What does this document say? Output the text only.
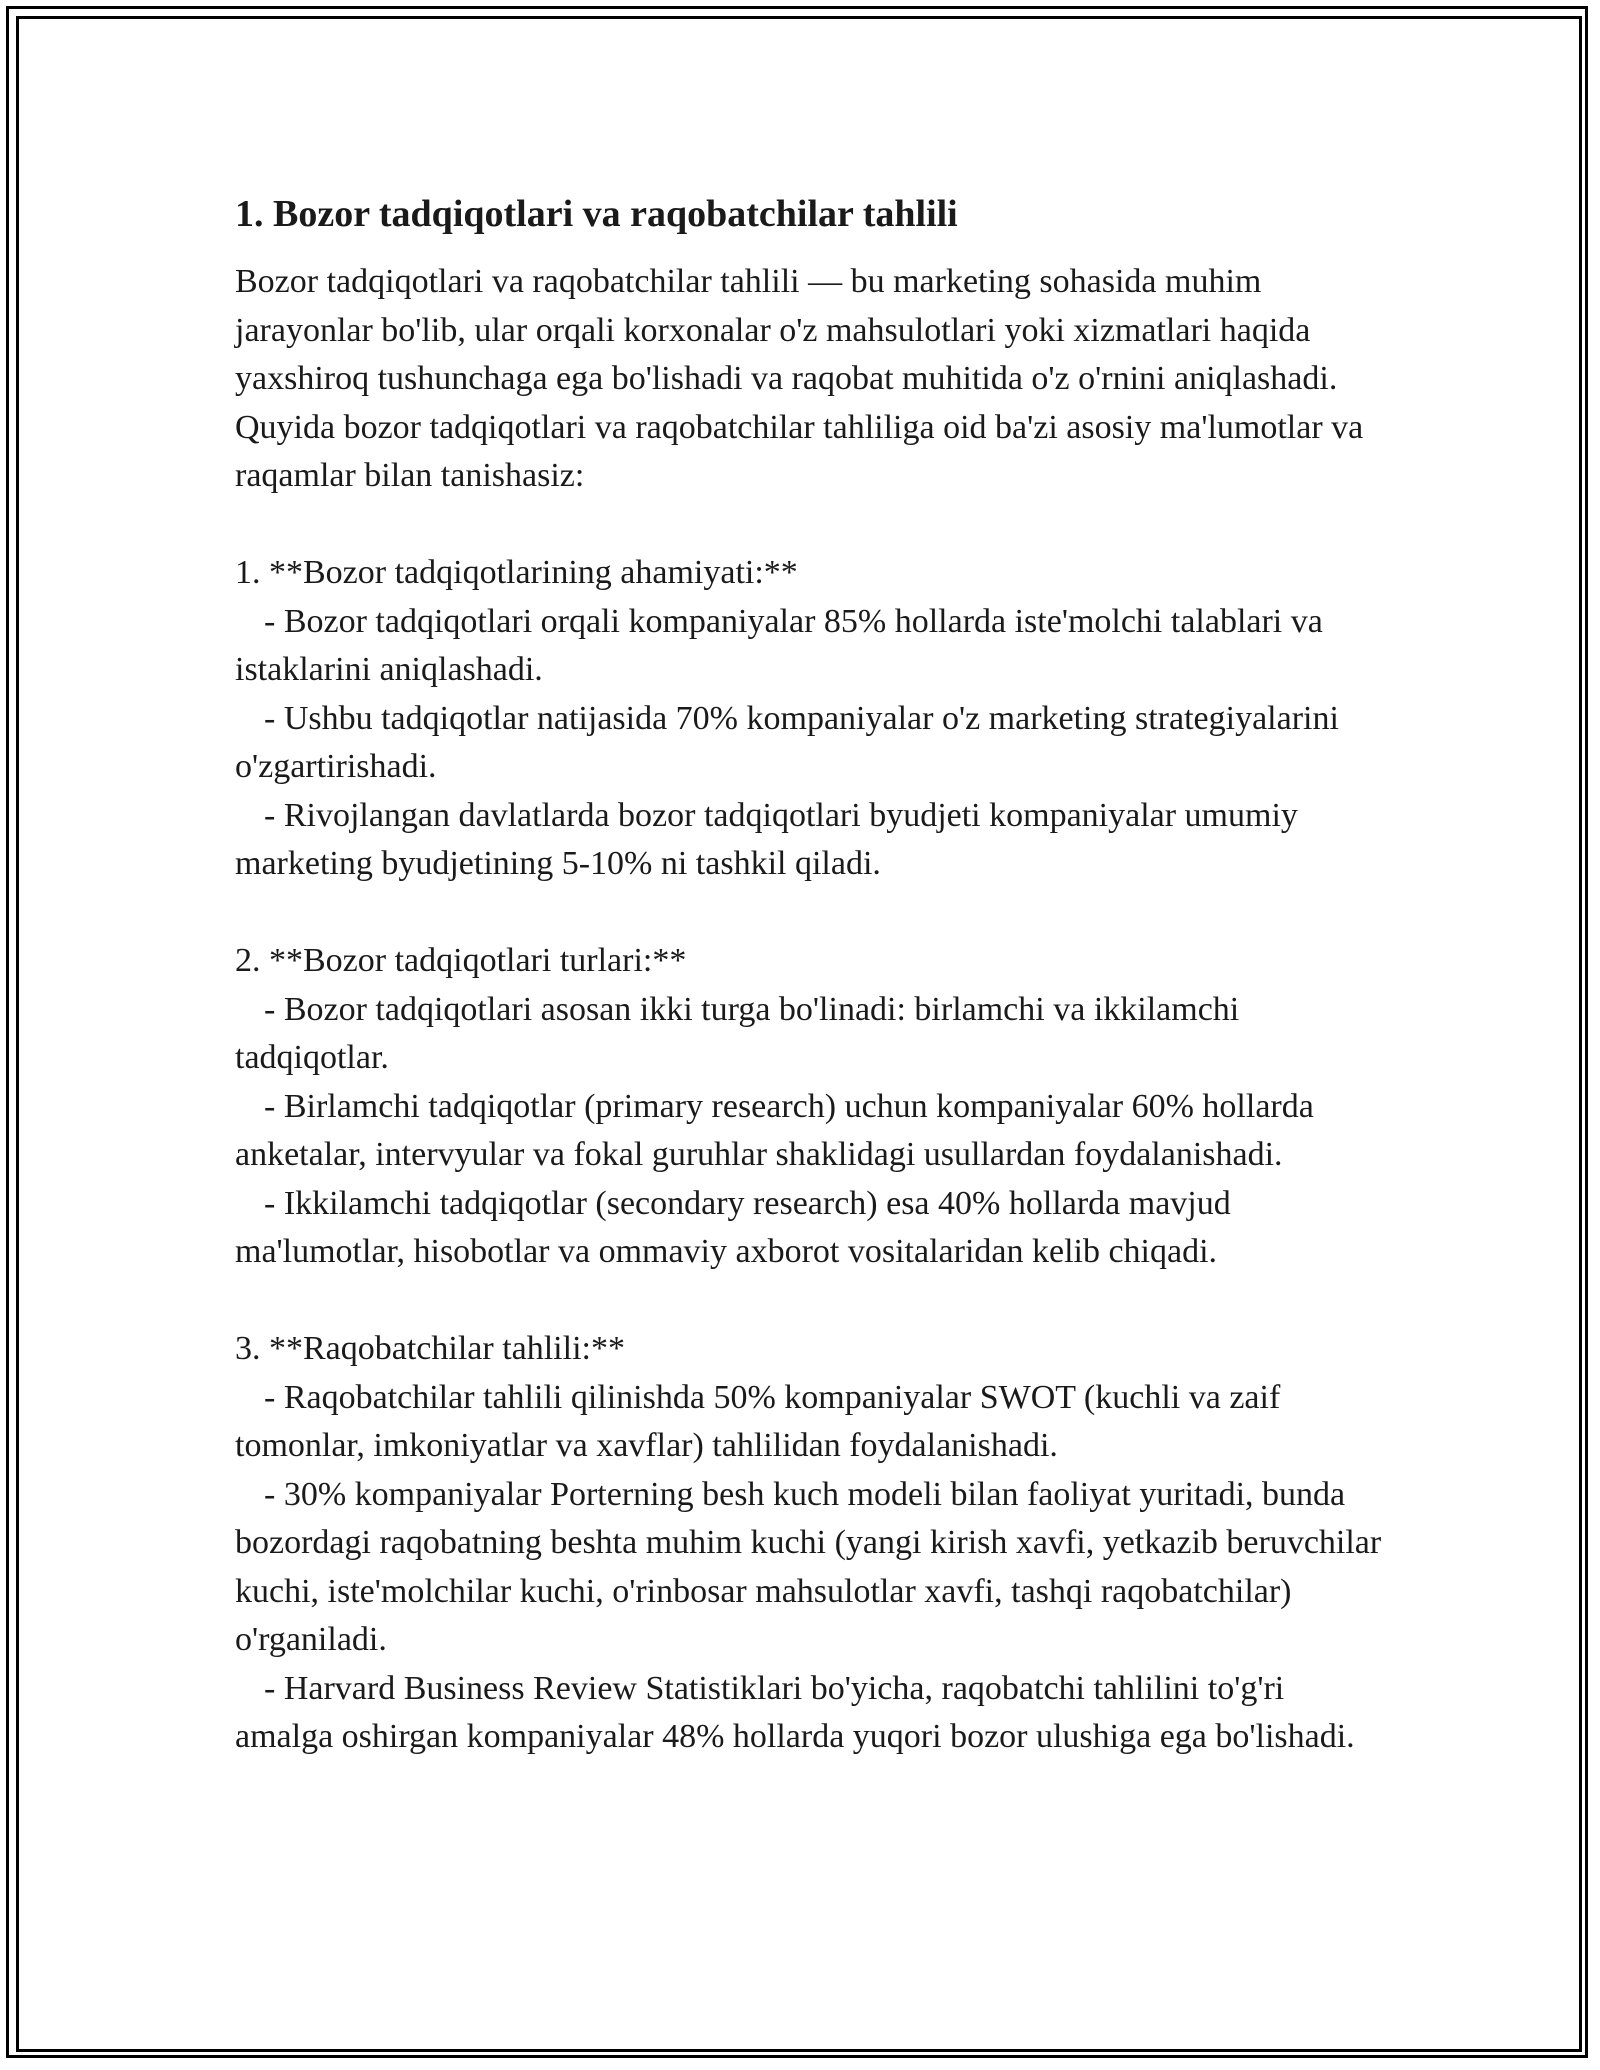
1. Bozor tadqiqotlari va raqobatchilar tahlili

Bozor tadqiqotlari va raqobatchilar tahlili — bu marketing sohasida muhim jarayonlar bo'lib, ular orqali korxonalar o'z mahsulotlari yoki xizmatlari haqida yaxshiroq tushunchaga ega bo'lishadi va raqobat muhitida o'z o'rnini aniqlashadi. Quyida bozor tadqiqotlari va raqobatchilar tahliliga oid ba'zi asosiy ma'lumotlar va raqamlar bilan tanishasiz:

1. **Bozor tadqiqotlarining ahamiyati:**

- Bozor tadqiqotlari orqali kompaniyalar 85% hollarda iste'molchi talablari va istaklarini aniqlashadi.

- Ushbu tadqiqotlar natijasida 70% kompaniyalar o'z marketing strategiyalarini o'zgartirishadi.

- Rivojlangan davlatlarda bozor tadqiqotlari byudjeti kompaniyalar umumiy marketing byudjetining 5-10% ni tashkil qiladi.

2. **Bozor tadqiqotlari turlari:**

- Bozor tadqiqotlari asosan ikki turga bo'linadi: birlamchi va ikkilamchi tadqiqotlar.

- Birlamchi tadqiqotlar (primary research) uchun kompaniyalar 60% hollarda anketalar, intervyular va fokal guruhlar shaklidagi usullardan foydalanishadi.

- Ikkilamchi tadqiqotlar (secondary research) esa 40% hollarda mavjud ma'lumotlar, hisobotlar va ommaviy axborot vositalaridan kelib chiqadi.

3. **Raqobatchilar tahlili:**

- Raqobatchilar tahlili qilinishda 50% kompaniyalar SWOT (kuchli va zaif tomonlar, imkoniyatlar va xavflar) tahlilidan foydalanishadi.

- 30% kompaniyalar Porterning besh kuch modeli bilan faoliyat yuritadi, bunda bozordagi raqobatning beshta muhim kuchi (yangi kirish xavfi, yetkazib beruvchilar kuchi, iste'molchilar kuchi, o'rinbosar mahsulotlar xavfi, tashqi raqobatchilar) o'rganiladi.

- Harvard Business Review Statistiklari bo'yicha, raqobatchi tahlilini to'g'ri amalga oshirgan kompaniyalar 48% hollarda yuqori bozor ulushiga ega bo'lishadi.
